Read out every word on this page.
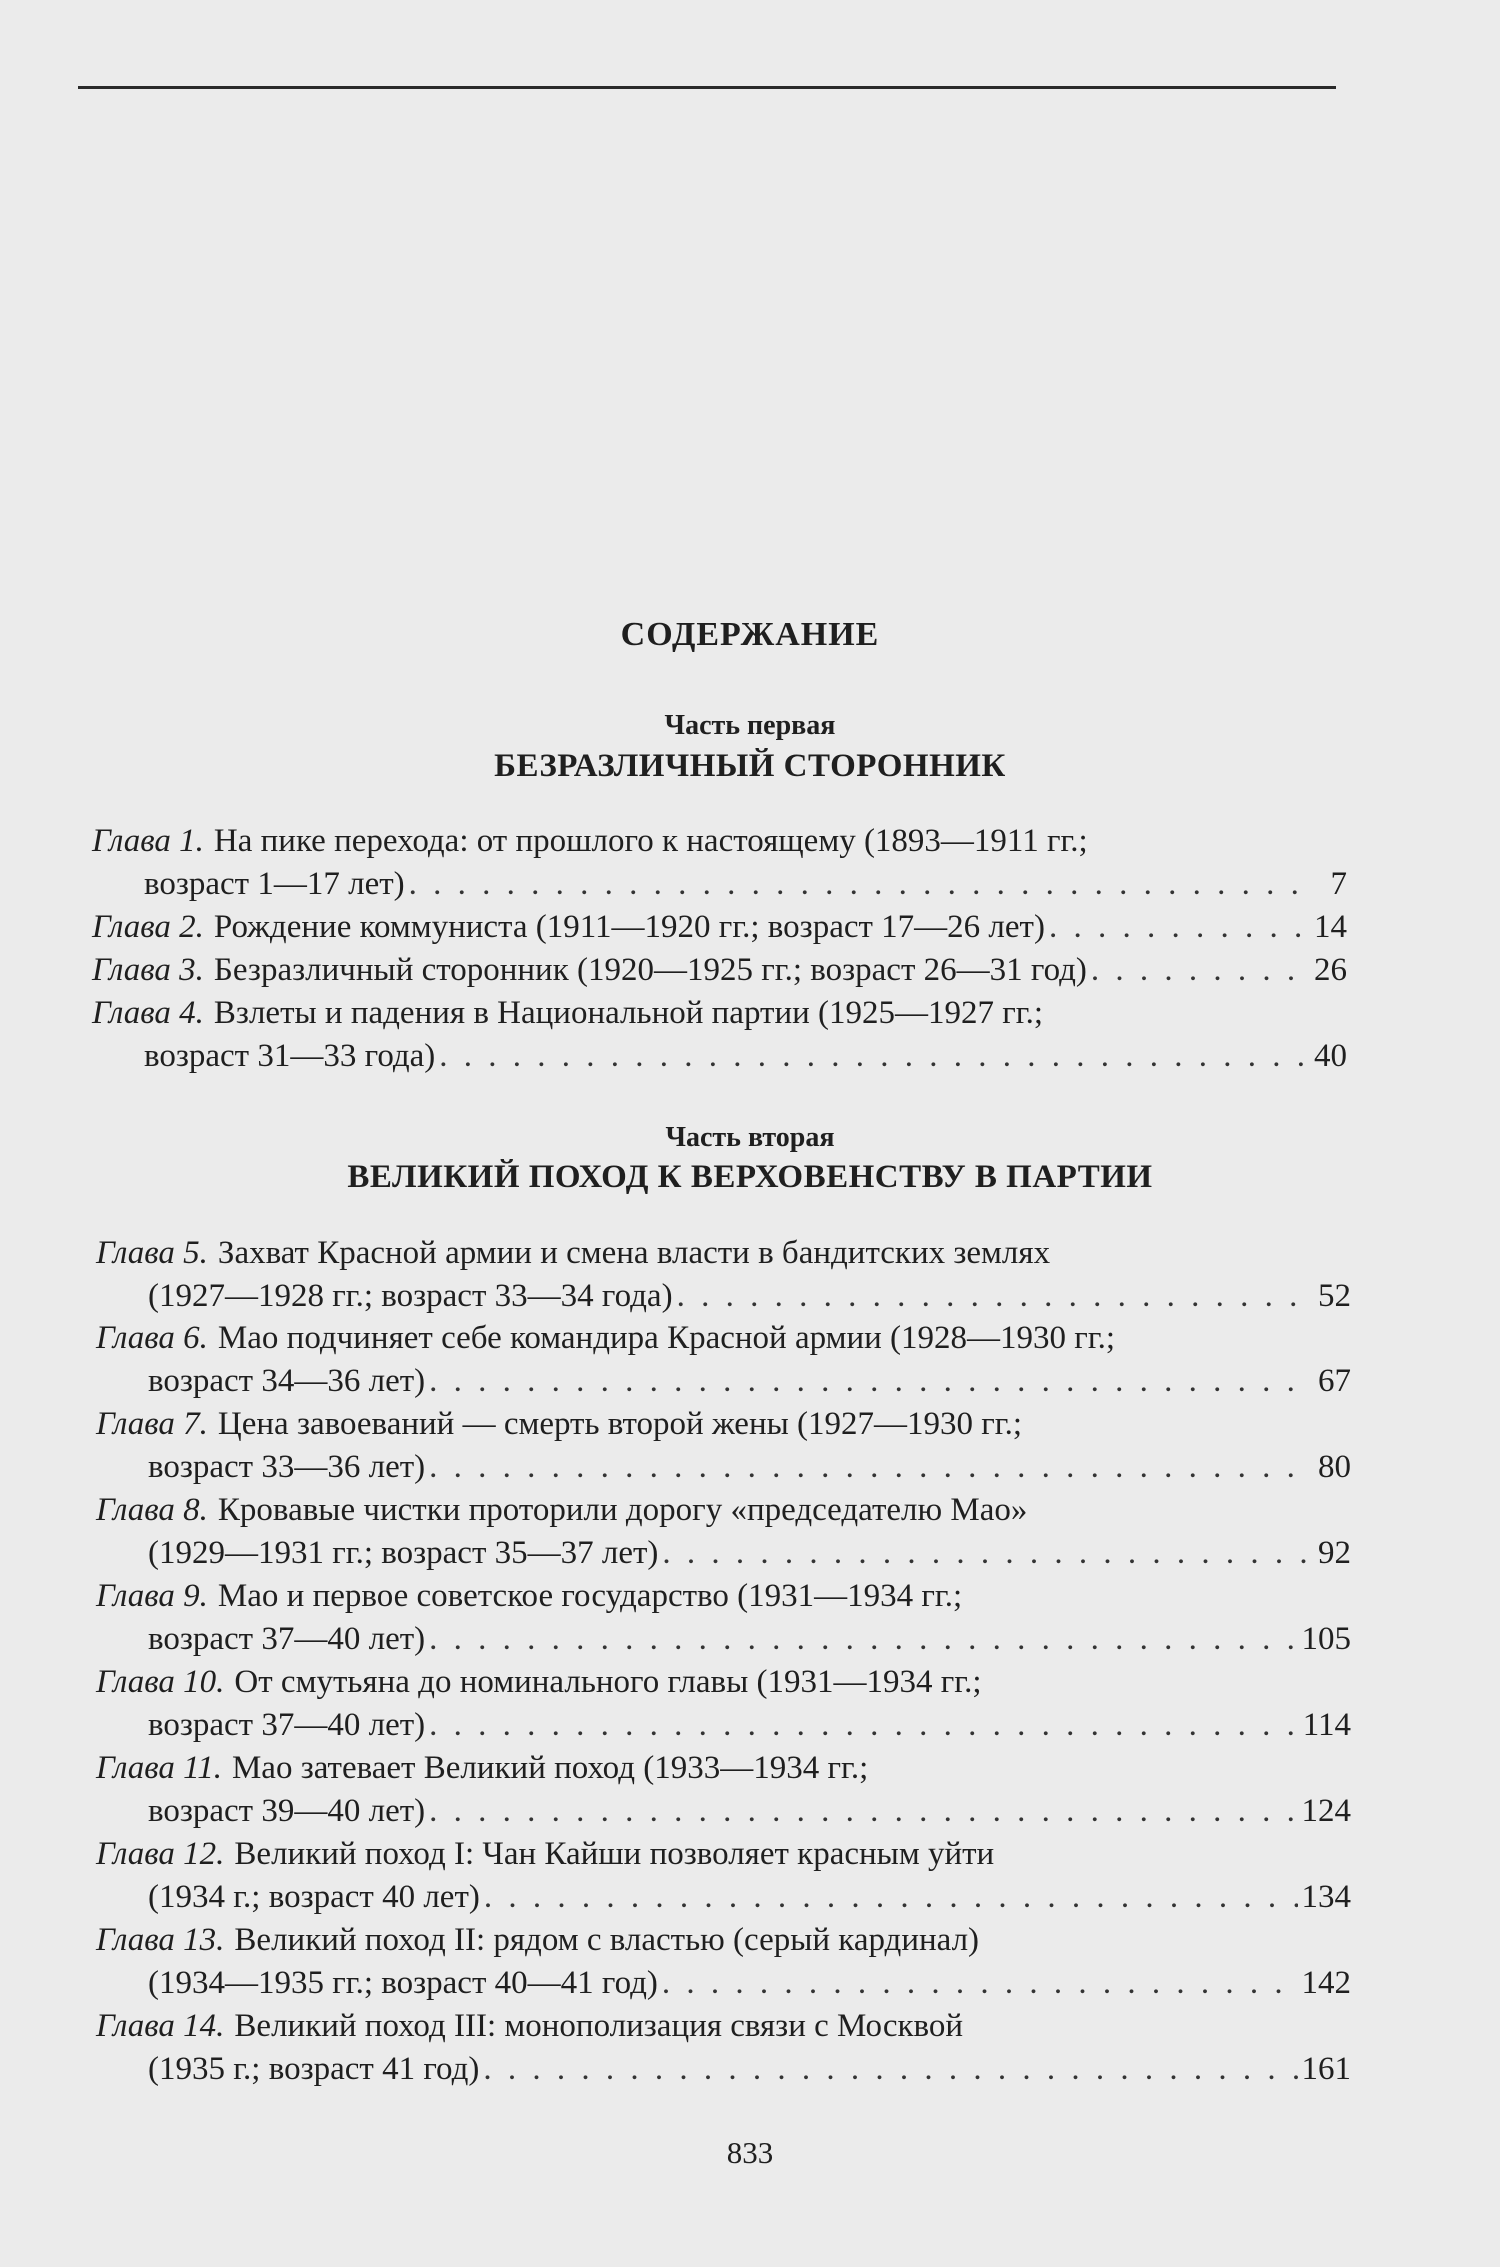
СОДЕРЖАНИЕ
Часть первая
БЕЗРАЗЛИЧНЫЙ СТОРОННИК
Глава 1. На пике перехода: от прошлого к настоящему (1893—1911 гг.;
возраст 1—17 лет) . . .	7
Глава 2. Рождение коммуниста (1911—1920 гг.; возраст 17—26 лет) . . .	14
Глава 3. Безразличный сторонник (1920—1925 гг.; возраст 26—31 год) . . .	26
Глава 4. Взлеты и падения в Национальной партии (1925—1927 гг.;
возраст 31—33 года) . . .	40
Часть вторая
ВЕЛИКИЙ ПОХОД К ВЕРХОВЕНСТВУ В ПАРТИИ
Глава 5. Захват Красной армии и смена власти в бандитских землях
(1927—1928 гг.; возраст 33—34 года) . . .	52
Глава 6. Мао подчиняет себе командира Красной армии (1928—1930 гг.;
возраст 34—36 лет) . . .	67
Глава 7. Цена завоеваний — смерть второй жены (1927—1930 гг.;
возраст 33—36 лет) . . .	80
Глава 8. Кровавые чистки проторили дорогу «председателю Мао»
(1929—1931 гг.; возраст 35—37 лет) . . .	92
Глава 9. Мао и первое советское государство (1931—1934 гг.;
возраст 37—40 лет) . . .	105
Глава 10. От смутьяна до номинального главы (1931—1934 гг.;
возраст 37—40 лет) . . .	114
Глава 11. Мао затевает Великий поход (1933—1934 гг.;
возраст 39—40 лет) . . .	124
Глава 12. Великий поход I: Чан Кайши позволяет красным уйти
(1934 г.; возраст 40 лет) . . .	134
Глава 13. Великий поход II: рядом с властью (серый кардинал)
(1934—1935 гг.; возраст 40—41 год) . . .	142
Глава 14. Великий поход III: монополизация связи с Москвой
(1935 г.; возраст 41 год) . . .	161
833
